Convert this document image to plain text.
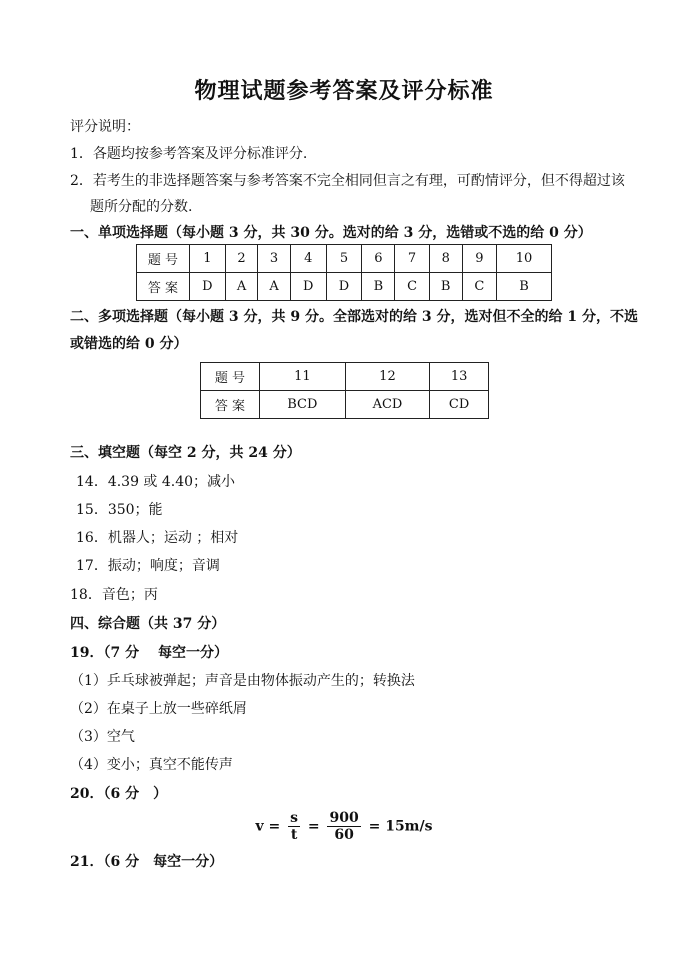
物理试题参考答案及评分标准
评分说明：
1．各题均按参考答案及评分标准评分.
2．若考生的非选择题答案与参考答案不完全相同但言之有理，可酌情评分，但不得超过该
题所分配的分数.
一、单项选择题（每小题 3 分，共 30 分。选对的给 3 分，选错或不选的给 0 分）
题 号	1	2	3	4	5	6	7	8	9	10
答 案	D	A	A	D	D	B	C	B	C	B
二、多项选择题（每小题 3 分，共 9 分。全部选对的给 3 分，选对但不全的给 1 分，不选
或错选的给 0 分）
题 号	11	12	13
答 案	BCD	ACD	CD
三、填空题（每空 2 分，共 24 分）
14．4.39 或 4.40；减小
15．350；能
16．机器人；运动 ；相对
17．振动；响度；音调
18．音色；丙
四、综合题（共 37 分）
19．（7 分　 每空一分）
（1）乒乓球被弹起；声音是由物体振动产生的；转换法
（2）在桌子上放一些碎纸屑
（3）空气
（4）变小；真空不能传声
20．（6 分　）
$v = \frac{s}{t} = \frac{900}{60} = 15m/s$
21．（6 分　每空一分）
